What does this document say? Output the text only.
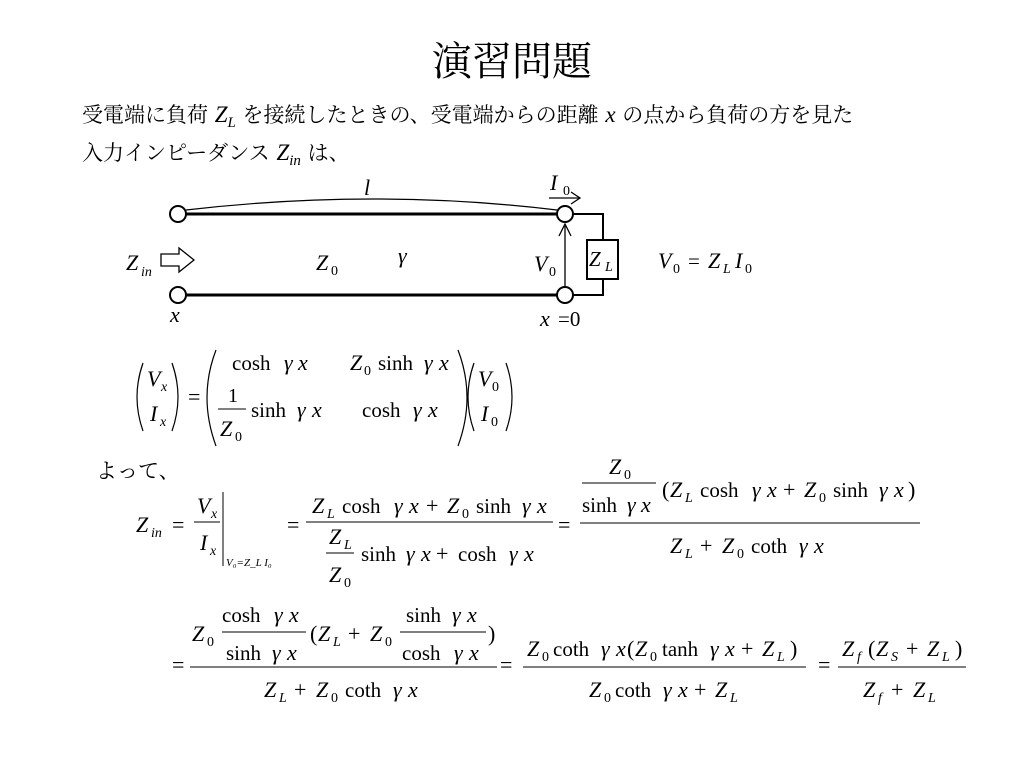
演習問題
受電端に負荷 $Z_L$ を接続したときの、受電端からの距離 x の点から負荷の方を見た
入力インピーダンス $Z_{in}$ は、
よって、
l
Z L
I 0
V 0
Z 0
γ
Z in
x	x =0
V 0 = Z L I 0
V x
I x
=
cosh γ x Z 0 sinh γ x
1
Z 0
sinh γ x cosh γ x
V 0
I 0
Z in =
V x
I x
V₀=Z_L I₀
=
Z L cosh γ x + Z 0 sinh γ x
Z L
Z 0
sinh γ x + cosh γ x
=
Z 0
sinh γ x
( Z L cosh γ x + Z 0 sinh γ x )
Z L + Z 0 coth γ x
=
Z 0
cosh γ x
sinh γ x
( Z L + Z 0
sinh γ x
cosh γ x
)
Z L + Z 0 coth γ x
=
Z 0 coth γ x ( Z 0 tanh γ x + Z L )
Z 0 coth γ x + Z L
=
Z f ( Z S + Z L )
Z f + Z L
